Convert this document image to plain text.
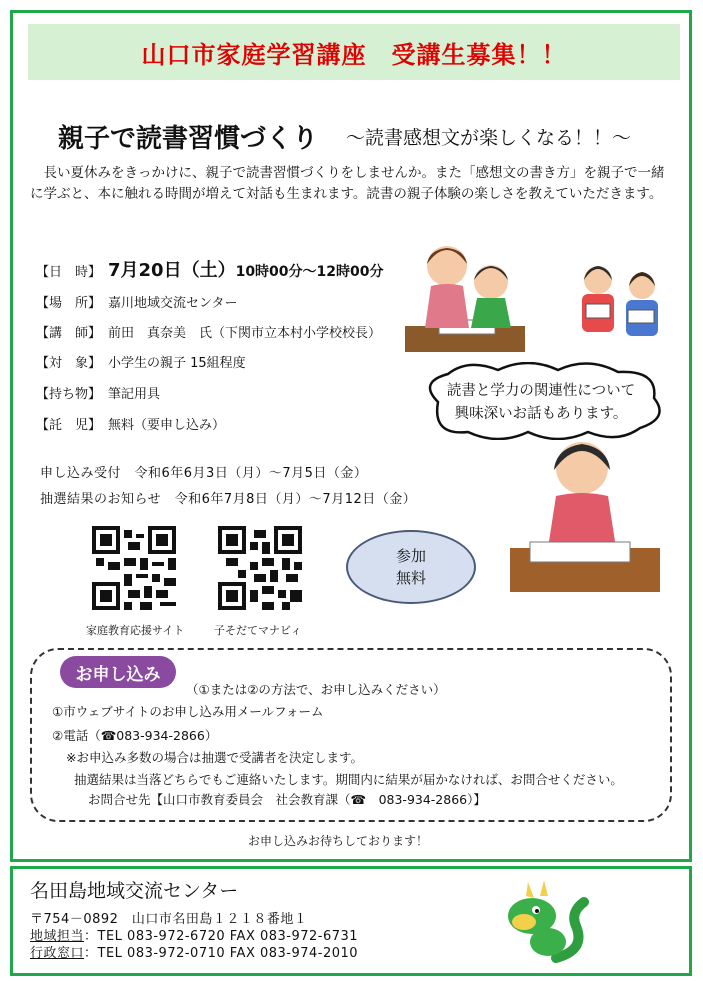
山口市家庭学習講座　受講生募集！！
親子で読書習慣づくり ～読書感想文が楽しくなる！！～
長い夏休みをきっかけに、親子で読書習慣づくりをしませんか。また「感想文の書き方」を親子で一緒に学ぶと、本に触れる時間が増えて対話も生まれます。読書の親子体験の楽しさを教えていただきます。
【日　時】 7月20日（土）10時00分～12時00分
【場　所】 嘉川地域交流センター
【講　師】 前田　真奈美　氏（下関市立本村小学校校長）
【対　象】 小学生の親子 15組程度
【持ち物】 筆記用具
【託　児】 無料（要申し込み）
申し込み受付　令和6年6月3日（月）～7月5日（金）
抽選結果のお知らせ　令和6年7月8日（月）～7月12日（金）
読書と学力の関連性について
興味深いお話もあります。
家庭教育応援サイト	子そだてマナビィ
参加
無料
お申し込み
（①または②の方法で、お申し込みください）
①市ウェブサイトのお申し込み用メールフォーム
②電話（☎083-934-2866）
※お申込み多数の場合は抽選で受講者を決定します。
抽選結果は当落どちらでもご連絡いたします。期間内に結果が届かなければ、お問合せください。
お問合せ先【山口市教育委員会　社会教育課（☎　083-934-2866）】
お申し込みお待ちしております！
名田島地域交流センター
〒754－0892　山口市名田島１２１８番地１
地域担当：TEL 083-972-6720 FAX 083-972-6731
行政窓口：TEL 083-972-0710 FAX 083-974-2010
